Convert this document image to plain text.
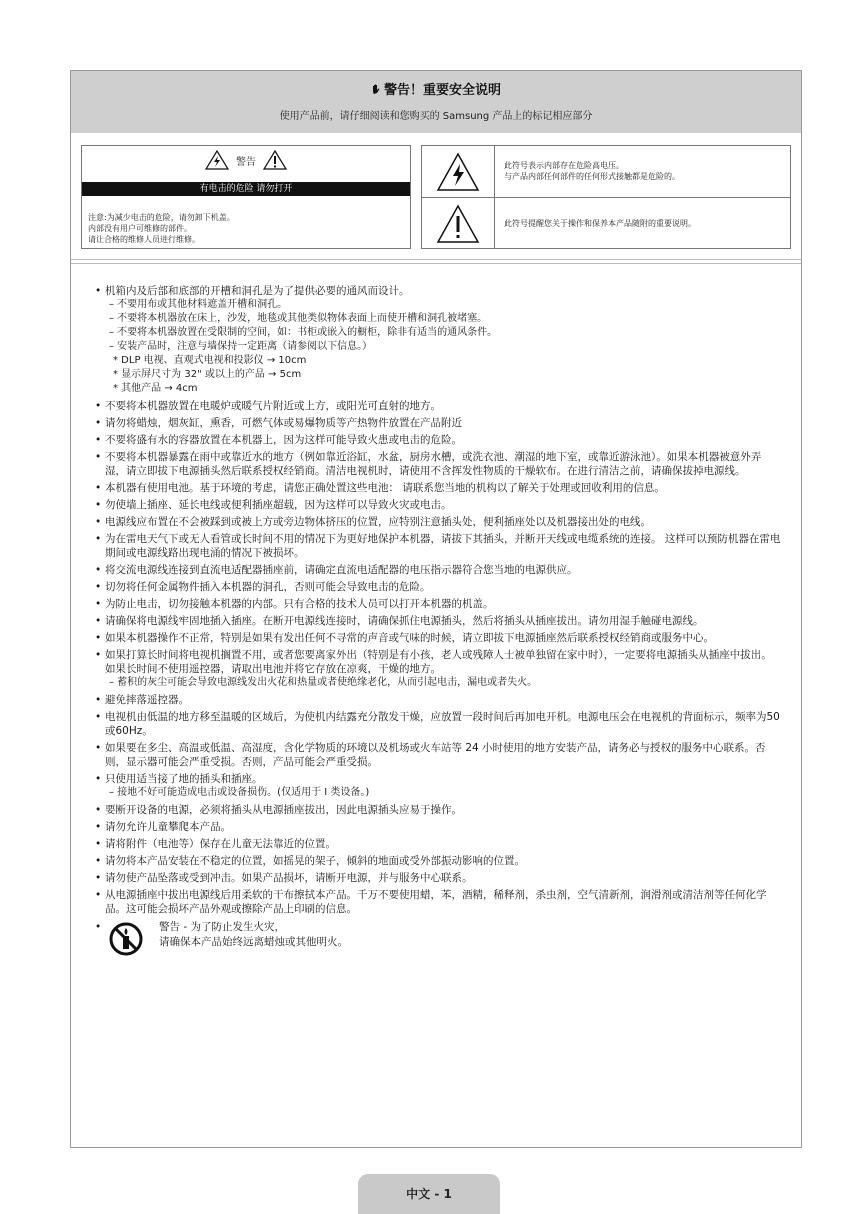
警告！重要安全说明
使用产品前，请仔细阅读和您购买的 Samsung 产品上的标记相应部分
警告
有电击的危险 请勿打开
注意:为减少电击的危险，请勿卸下机盖。
内部没有用户可维修的部件。
请让合格的维修人员进行维修。
此符号表示内部存在危险高电压。
与产品内部任何部件的任何形式接触都是危险的。
此符号提醒您关于操作和保养本产品随附的重要说明。

• 机箱内及后部和底部的开槽和洞孔是为了提供必要的通风而设计。

– 不要用布或其他材料遮盖开槽和洞孔。

– 不要将本机器放在床上，沙发，地毯或其他类似物体表面上而使开槽和洞孔被堵塞。

– 不要将本机器放置在受限制的空间，如：书柜或嵌入的橱柜，除非有适当的通风条件。

– 安装产品时，注意与墙保持一定距离（请参阅以下信息。）

* DLP 电视、直观式电视和投影仪 → 10cm

* 显示屏尺寸为 32" 或以上的产品 → 5cm

* 其他产品 → 4cm

• 不要将本机器放置在电暖炉或暖气片附近或上方，或阳光可直射的地方。

• 请勿将蜡烛，烟灰缸，熏香，可燃气体或易爆物质等产热物件放置在产品附近

• 不要将盛有水的容器放置在本机器上，因为这样可能导致火患或电击的危险。

• 不要将本机器暴露在雨中或靠近水的地方（例如靠近浴缸，水盆，厨房水槽，或洗衣池、潮湿的地下室，或靠近游泳池）。如果本机器被意外弄湿，请立即拔下电源插头然后联系授权经销商。清洁电视机时，请使用不含挥发性物质的干燥软布。在进行清洁之前，请确保拔掉电源线。

• 本机器有使用电池。基于环境的考虑，请您正确处置这些电池： 请联系您当地的机构以了解关于处理或回收利用的信息。

• 勿使墙上插座、延长电线或便利插座超载，因为这样可以导致火灾或电击。

• 电源线应布置在不会被踩到或被上方或旁边物体挤压的位置，应特别注意插头处，便利插座处以及机器接出处的电线。

• 为在雷电天气下或无人看管或长时间不用的情况下为更好地保护本机器，请拔下其插头，并断开天线或电缆系统的连接。 这样可以预防机器在雷电期间或电源线路出现电涌的情况下被损坏。

• 将交流电源线连接到直流电适配器插座前，请确定直流电适配器的电压指示器符合您当地的电源供应。

• 切勿将任何金属物件插入本机器的洞孔，否则可能会导致电击的危险。

• 为防止电击，切勿接触本机器的内部。只有合格的技术人员可以打开本机器的机盖。

• 请确保将电源线牢固地插入插座。在断开电源线连接时，请确保抓住电源插头，然后将插头从插座拔出。请勿用湿手触碰电源线。

• 如果本机器操作不正常，特别是如果有发出任何不寻常的声音或气味的时候，请立即拔下电源插座然后联系授权经销商或服务中心。

• 如果打算长时间将电视机搁置不用，或者您要离家外出（特别是有小孩，老人或残障人士被单独留在家中时），一定要将电源插头从插座中拔出。如果长时间不使用遥控器，请取出电池并将它存放在凉爽，干燥的地方。

– 蓄积的灰尘可能会导致电源线发出火花和热量或者使绝缘老化，从而引起电击，漏电或者失火。

• 避免摔落遥控器。

• 电视机由低温的地方移至温暖的区域后，为使机内结露充分散发干燥，应放置一段时间后再加电开机。电源电压会在电视机的背面标示，频率为50或60Hz。

• 如果要在多尘、高温或低温、高湿度，含化学物质的环境以及机场或火车站等 24 小时使用的地方安装产品，请务必与授权的服务中心联系。否则，显示器可能会严重受损。否则，产品可能会严重受损。

• 只使用适当接了地的插头和插座。

– 接地不好可能造成电击或设备损伤。(仅适用于 I 类设备。)

• 要断开设备的电源，必须将插头从电源插座拔出，因此电源插头应易于操作。

• 请勿允许儿童攀爬本产品。

• 请将附件（电池等）保存在儿童无法靠近的位置。

• 请勿将本产品安装在不稳定的位置，如摇晃的架子，倾斜的地面或受外部振动影响的位置。

• 请勿使产品坠落或受到冲击。如果产品损坏，请断开电源，并与服务中心联系。

• 从电源插座中拔出电源线后用柔软的干布擦拭本产品。千万不要使用蜡，苯，酒精，稀释剂，杀虫剂，空气清新剂，润滑剂或清洁剂等任何化学品。这可能会损坏产品外观或擦除产品上印刷的信息。

•	警告 - 为了防止发生火灾，
请确保本产品始终远离蜡烛或其他明火。
中文 - 1
